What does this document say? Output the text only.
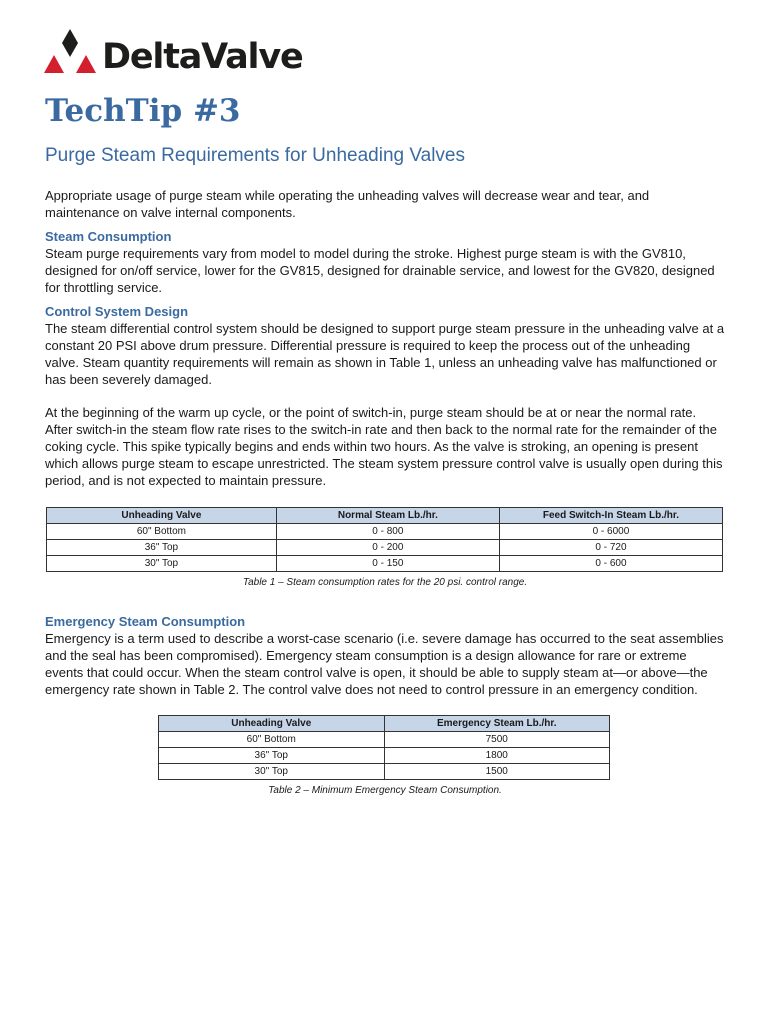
DeltaValve
TechTip #3
Purge Steam Requirements for Unheading Valves

Appropriate usage of purge steam while operating the unheading valves will decrease wear and tear, and maintenance on valve internal components.

Steam Consumption

Steam purge requirements vary from model to model during the stroke. Highest purge steam is with the GV810, designed for on/off service, lower for the GV815, designed for drainable service, and lowest for the GV820, designed for throttling service.

Control System Design

The steam differential control system should be designed to support purge steam pressure in the unheading valve at a constant 20 PSI above drum pressure. Differential pressure is required to keep the process out of the unheading valve. Steam quantity requirements will remain as shown in Table 1, unless an unheading valve has malfunctioned or has been severely damaged.

At the beginning of the warm up cycle, or the point of switch-in, purge steam should be at or near the normal rate. After switch-in the steam flow rate rises to the switch-in rate and then back to the normal rate for the remainder of the coking cycle. This spike typically begins and ends within two hours. As the valve is stroking, an opening is present which allows purge steam to escape unrestricted. The steam system pressure control valve is usually open during this period, and is not expected to maintain pressure.

Unheading Valve	Normal Steam Lb./hr.	Feed Switch-In Steam Lb./hr.
60" Bottom	0 - 800	0 - 6000
36" Top	0 - 200	0 - 720
30" Top	0 - 150	0 - 600
Table 1 – Steam consumption rates for the 20 psi. control range.
Emergency Steam Consumption

Emergency is a term used to describe a worst-case scenario (i.e. severe damage has occurred to the seat assemblies and the seal has been compromised). Emergency steam consumption is a design allowance for rare or extreme events that could occur. When the steam control valve is open, it should be able to supply steam at—or above—the emergency rate shown in Table 2. The control valve does not need to control pressure in an emergency condition.

Unheading Valve	Emergency Steam Lb./hr.
60" Bottom	7500
36" Top	1800
30" Top	1500
Table 2 – Minimum Emergency Steam Consumption.
